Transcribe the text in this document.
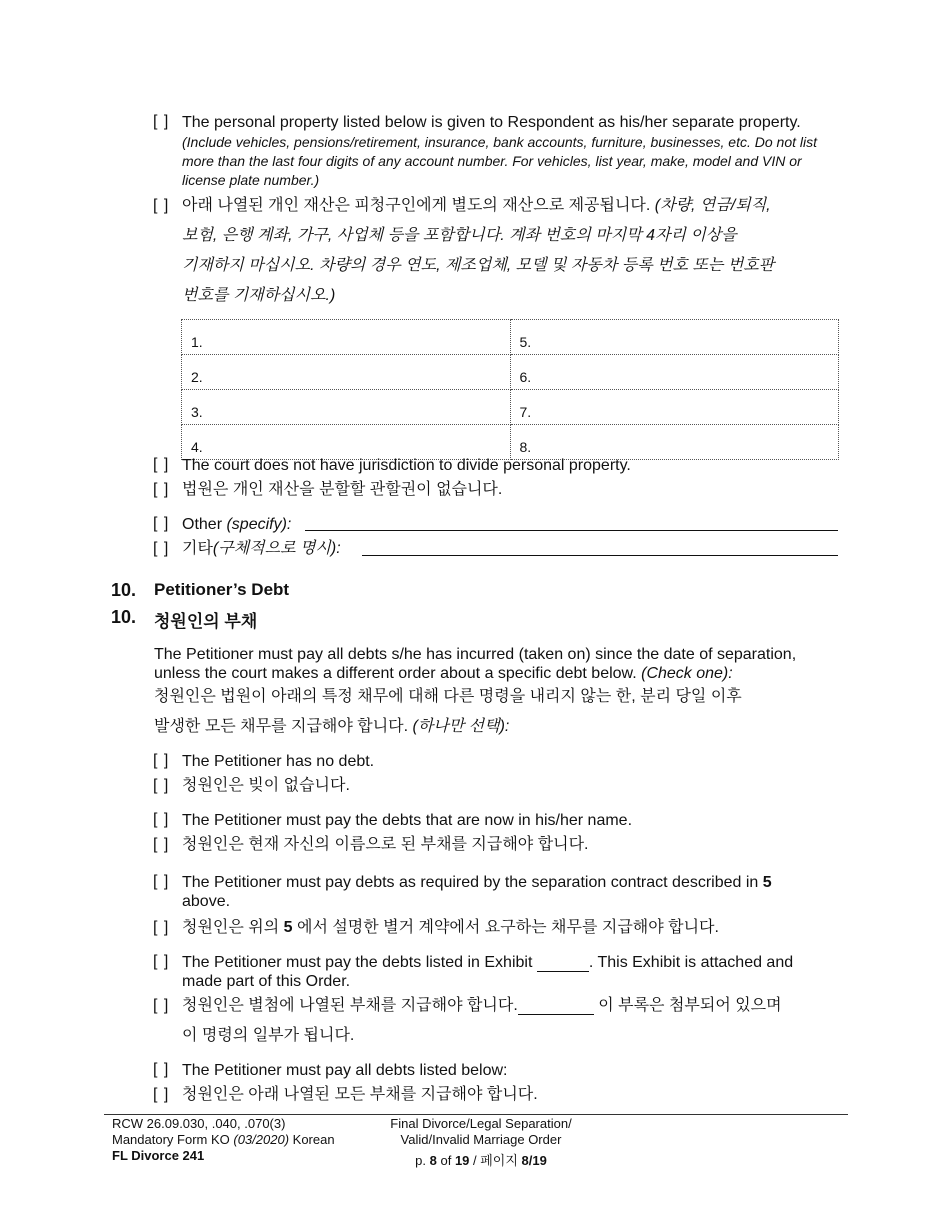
[ ] The personal property listed below is given to Respondent as his/her separate property.
(Include vehicles, pensions/retirement, insurance, bank accounts, furniture, businesses, etc. Do not list
more than the last four digits of any account number. For vehicles, list year, make, model and VIN or
license plate number.)
[ ] 아래 나열된 개인 재산은 피청구인에게 별도의 재산으로 제공됩니다. (차량, 연금/퇴직,
보험, 은행 계좌, 가구, 사업체 등을 포함합니다. 계좌 번호의 마지막 4자리 이상을
기재하지 마십시오. 차량의 경우 연도, 제조업체, 모델 및 자동차 등록 번호 또는 번호판
번호를 기재하십시오.)
1.	5.
2.	6.
3.	7.
4.	8.
[ ] The court does not have jurisdiction to divide personal property.
[ ] 법원은 개인 재산을 분할할 관할권이 없습니다.
[ ] Other (specify):
[ ] 기타(구체적으로 명시):
10. Petitioner’s Debt
10. 청원인의 부채
The Petitioner must pay all debts s/he has incurred (taken on) since the date of separation,
unless the court makes a different order about a specific debt below. (Check one):
청원인은 법원이 아래의 특정 채무에 대해 다른 명령을 내리지 않는 한, 분리 당일 이후
발생한 모든 채무를 지급해야 합니다. (하나만 선택):
[ ] The Petitioner has no debt.
[ ] 청원인은 빚이 없습니다.
[ ] The Petitioner must pay the debts that are now in his/her name.
[ ] 청원인은 현재 자신의 이름으로 된 부채를 지급해야 합니다.
[ ] The Petitioner must pay debts as required by the separation contract described in 5
above.
[ ] 청원인은 위의 5 에서 설명한 별거 계약에서 요구하는 채무를 지급해야 합니다.
[ ] The Petitioner must pay the debts listed in Exhibit	. This Exhibit is attached and
made part of this Order.
[ ] 청원인은 별첨에 나열된 부채를 지급해야 합니다.	이 부록은 첨부되어 있으며
이 명령의 일부가 됩니다.
[ ] The Petitioner must pay all debts listed below:
[ ] 청원인은 아래 나열된 모든 부채를 지급해야 합니다.
RCW 26.09.030, .040, .070(3)
Mandatory Form KO (03/2020) Korean
FL Divorce 241
Final Divorce/Legal Separation/
Valid/Invalid Marriage Order
p. 8 of 19 / 페이지 8/19
